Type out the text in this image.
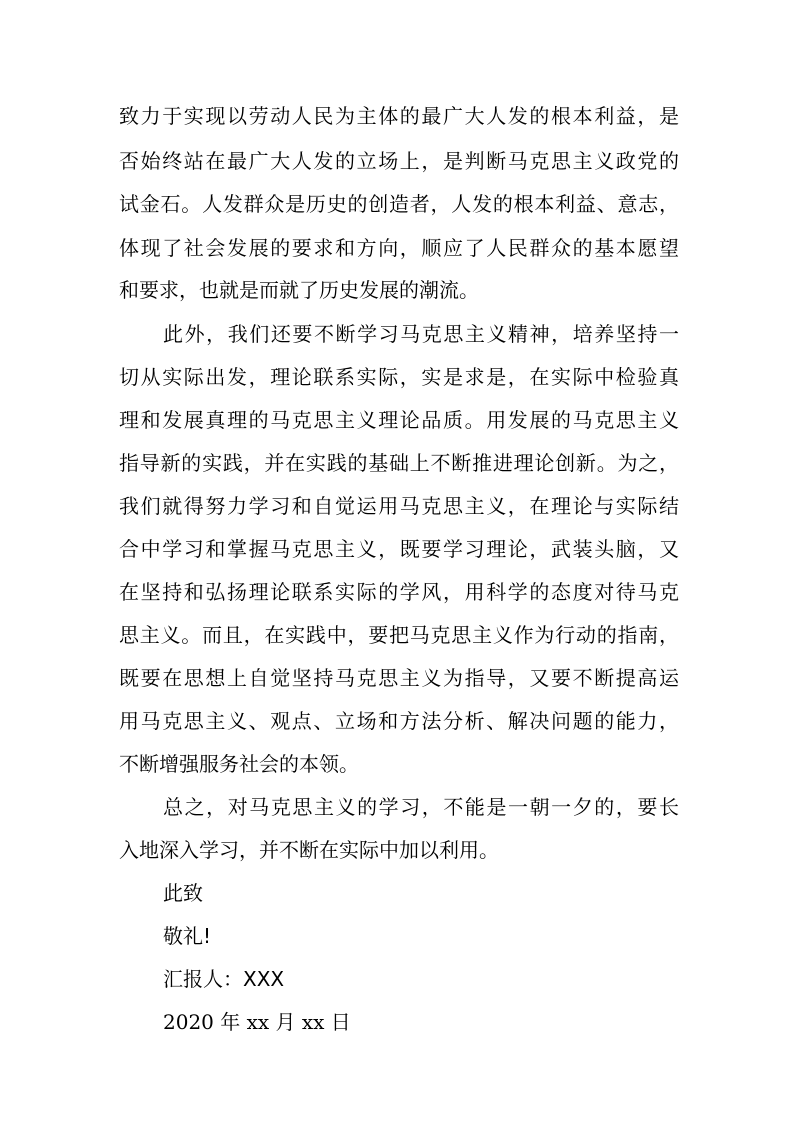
致力于实现以劳动人民为主体的最广大人发的根本利益，是
否始终站在最广大人发的立场上，是判断马克思主义政党的
试金石。人发群众是历史的创造者，人发的根本利益、意志，
体现了社会发展的要求和方向，顺应了人民群众的基本愿望
和要求，也就是而就了历史发展的潮流。
此外，我们还要不断学习马克思主义精神，培养坚持一
切从实际出发，理论联系实际，实是求是，在实际中检验真
理和发展真理的马克思主义理论品质。用发展的马克思主义
指导新的实践，并在实践的基础上不断推进理论创新。为之，
我们就得努力学习和自觉运用马克思主义，在理论与实际结
合中学习和掌握马克思主义，既要学习理论，武装头脑，又
在坚持和弘扬理论联系实际的学风，用科学的态度对待马克
思主义。而且，在实践中，要把马克思主义作为行动的指南，
既要在思想上自觉坚持马克思主义为指导，又要不断提高运
用马克思主义、观点、立场和方法分析、解决问题的能力，
不断增强服务社会的本领。
总之，对马克思主义的学习，不能是一朝一夕的，要长
入地深入学习，并不断在实际中加以利用。
此致
敬礼!
汇报人：XXX
2020 年 xx 月 xx 日
